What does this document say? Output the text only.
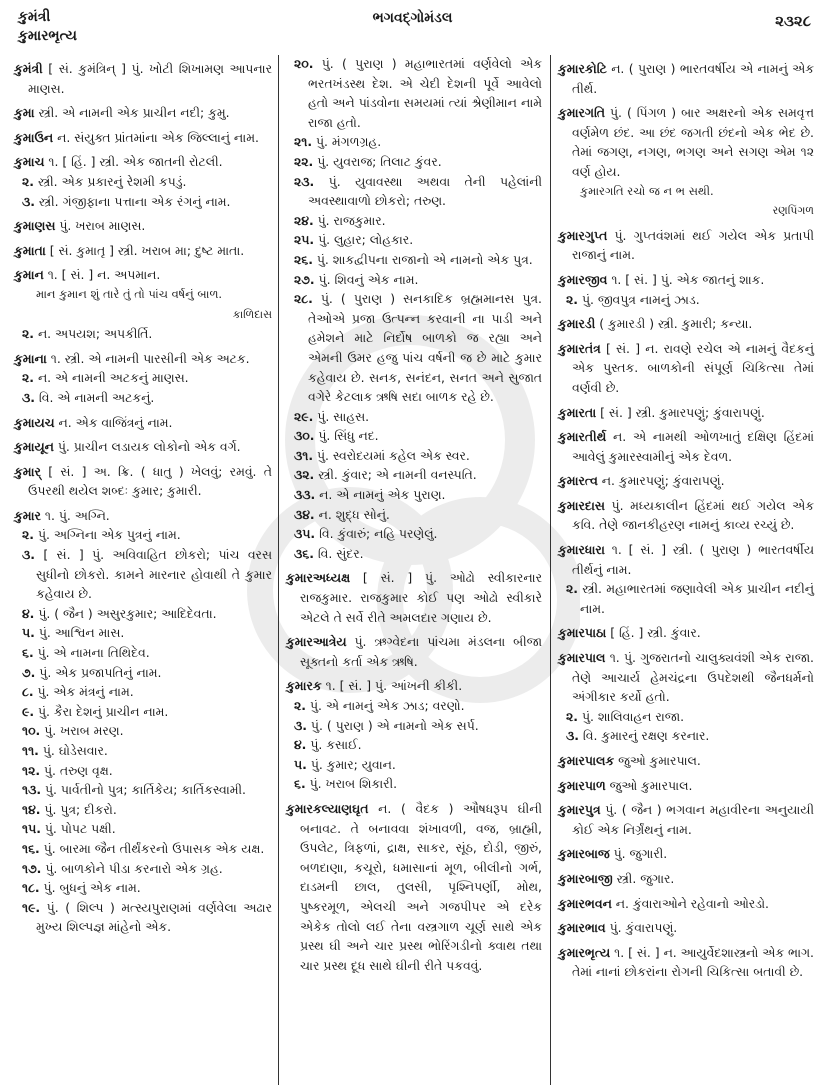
કુમંત્રી
કુમારભૃત્ય
ભગવદ્ગોમંડલ	૨૩૨૮
કુમંત્રી [ સં. કુમંત્રિન્ ] પું. ખોટી શિખામણ આપનાર માણસ.
કુમા સ્ત્રી. એ નામની એક પ્રાચીન નદી; કુમુ.
કુમાઉન ન. સંયુક્ત પ્રાંતમાંના એક જિલ્લાનું નામ.
કુમાચ ૧. [ હિં. ] સ્ત્રી. એક જાતની રોટલી.
૨. સ્ત્રી. એક પ્રકારનું રેશમી કપડું.
૩. સ્ત્રી. ગંજીફાના પત્તાના એક રંગનું નામ.
કુમાણસ પું. ખરાબ માણસ.
કુમાતા [ સં. કુમાતૃ ] સ્ત્રી. ખરાબ મા; દુષ્ટ માતા.
કુમાન ૧. [ સં. ] ન. અપમાન.
માન કુમાન શું તારે તું તો પાંચ વર્ષનું બાળ.
કાળિદાસ
૨. ન. અપયશ; અપકીર્તિ.
કુમાના ૧. સ્ત્રી. એ નામની પારસીની એક અટક.
૨. ન. એ નામની અટકનું માણસ.
૩. વિ. એ નામની અટકનું.
કુમાયચ ન. એક વાજિંત્રનું નામ.
કુમાયૂન પું. પ્રાચીન લડાયક લોકોનો એક વર્ગ.
કુમાર્ [ સં. ] અ. ક્રિ. ( ધાતુ ) ખેલવું; રમવું. તે ઉપરથી થયેલ શબ્દઃ કુમાર; કુમારી.
કુમાર ૧. પું. અગ્નિ.
૨. પું. અગ્નિના એક પુત્રનું નામ.
૩. [ સં. ] પું. અવિવાહિત છોકરો; પાંચ વરસ સુધીનો છોકરો. કામને મારનાર હોવાથી તે કુમાર કહેવાય છે.
૪. પું. ( જૈન ) અસુરકુમાર; આદિદેવતા.
૫. પું. આશ્વિન માસ.
૬. પું. એ નામના તિથિદેવ.
૭. પું. એક પ્રજાપતિનું નામ.
૮. પું. એક મંત્રનું નામ.
૯. પું. કૈરા દેશનું પ્રાચીન નામ.
૧૦. પું. ખરાબ મરણ.
૧૧. પું. ઘોડેસવાર.
૧૨. પું. તરુણ વૃક્ષ.
૧૩. પું. પાર્વતીનો પુત્ર; કાર્તિકેય; કાર્તિકસ્વામી.
૧૪. પું. પુત્ર; દીકરો.
૧૫. પું. પોપટ પક્ષી.
૧૬. પું. બારમા જૈન તીર્થંકરનો ઉપાસક એક યક્ષ.
૧૭. પું. બાળકોને પીડા કરનારો એક ગ્રહ.
૧૮. પું. બુધનું એક નામ.
૧૯. પું. ( શિલ્પ ) મત્સ્યપુરાણમાં વર્ણવેલા અઢાર મુખ્ય શિલ્પજ્ઞ માંહેનો એક.
૨૦. પું. ( પુરાણ ) મહાભારતમાં વર્ણવેલો એક ભરતખંડસ્થ દેશ. એ ચેદી દેશની પૂર્વે આવેલો હતો અને પાંડવોના સમયમાં ત્યાં શ્રેણીમાન નામે રાજા હતો.
૨૧. પું. મંગળગ્રહ.
૨૨. પું. યુવરાજ; તિલાટ કુંવર.
૨૩. પું. યુવાવસ્થા અથવા તેની પહેલાંની અવસ્થાવાળો છોકરો; તરુણ.
૨૪. પું. રાજકુમાર.
૨૫. પું. લુહાર; લોહકાર.
૨૬. પું. શાકદ્વીપના રાજાનો એ નામનો એક પુત્ર.
૨૭. પું. શિવનું એક નામ.
૨૮. પું. ( પુરાણ ) સનકાદિક બ્રહ્મમાનસ પુત્ર. તેઓએ પ્રજા ઉત્પન્ન કરવાની ના પાડી અને હમેશને માટે નિર્દોષ બાળકો જ રહ્યા અને એમની ઉમર હજુ પાંચ વર્ષની જ છે માટે કુમાર કહેવાય છે. સનક, સનંદન, સનત અને સુજાત વગેરે કેટલાક ઋષિ સદા બાળક રહે છે.
૨૯. પું. સાહસ.
૩૦. પું. સિંધુ નદ.
૩૧. પું. સ્વરોદયમાં કહેલ એક સ્વર.
૩૨. સ્ત્રી. કુંવાર; એ નામની વનસ્પતિ.
૩૩. ન. એ નામનું એક પુરાણ.
૩૪. ન. શુદ્ધ સોનું.
૩૫. વિ. કુંવારું; નહિ પરણેલું.
૩૬. વિ. સુંદર.
કુમારઅધ્યક્ષ [ સં. ] પું. ઓઢો સ્વીકારનાર રાજકુમાર. રાજકુમાર કોઈ પણ ઓઢો સ્વીકારે એટલે તે સર્વે રીતે અમલદાર ગણાય છે.
કુમારઆત્રેય પું. ઋગ્વેદના પાંચમા મંડલના બીજા સૂક્તનો કર્તા એક ઋષિ.
કુમારક ૧. [ સં. ] પું. આંખની કીકી.
૨. પું. એ નામનું એક ઝાડ; વરણો.
૩. પું. ( પુરાણ ) એ નામનો એક સર્પ.
૪. પું. કસાઈ.
૫. પું. કુમાર; યુવાન.
૬. પું. ખરાબ શિકારી.
કુમારકલ્યાણઘૃત ન. ( વૈદક ) ઔષધરૂપ ઘીની બનાવટ. તે બનાવવા શંખાવળી, વજ, બ્રાહ્મી, ઉપલેટ, ત્રિફળાં, દ્રાક્ષ, સાકર, સૂંઠ, દોડી, જીરું, બળદાણા, કચૂરો, ધમાસાનાં મૂળ, બીલીનો ગર્ભ, દાડમની છાલ, તુલસી, પૃશ્નિપર્ણી, મોથ, પુષ્કરમૂળ, એલચી અને ગજપીપર એ દરેક એકેક તોલો લઈ તેના વસ્ત્રગાળ ચૂર્ણ સાથે એક પ્રસ્થ ઘી અને ચાર પ્રસ્થ ભોરિંગડીનો ક્વાથ તથા ચાર પ્રસ્થ દૂધ સાથે ઘીની રીતે પકવવું.
કુમારકોટિ ન. ( પુરાણ ) ભારતવર્ષીય એ નામનું એક તીર્થ.
કુમારગતિ પું. ( પિંગળ ) બાર અક્ષરનો એક સમવૃત્ત વર્ણમેળ છંદ. આ છંદ જગતી છંદનો એક ભેદ છે. તેમાં જગણ, નગણ, ભગણ અને સગણ એમ ૧૨ વર્ણ હોય.
કુમારગતિ રચો જ ન ભ સથી.
રણપિંગળ
કુમારગુપ્ત પું. ગુપ્તવંશમાં થઈ ગયેલ એક પ્રતાપી રાજાનું નામ.
કુમારજીવ ૧. [ સં. ] પું. એક જાતનું શાક.
૨. પું. જીવપુત્ર નામનું ઝાડ.
કુમારડી ( કુમારડી ) સ્ત્રી. કુમારી; કન્યા.
કુમારતંત્ર [ સં. ] ન. રાવણે રચેલ એ નામનું વૈદકનું એક પુસ્તક. બાળકોની સંપૂર્ણ ચિકિત્સા તેમાં વર્ણવી છે.
કુમારતા [ સં. ] સ્ત્રી. કુમારપણું; કુંવારાપણું.
કુમારતીર્થ ન. એ નામથી ઓળખાતું દક્ષિણ હિંદમાં આવેલું કુમારસ્વામીનું એક દેવળ.
કુમારત્વ ન. કુમારપણું; કુંવારાપણું.
કુમારદાસ પું. મધ્યકાલીન હિંદમાં થઈ ગયેલ એક કવિ. તેણે જાનકીહરણ નામનું કાવ્ય રચ્યું છે.
કુમારધારા ૧. [ સં. ] સ્ત્રી. ( પુરાણ ) ભારતવર્ષીય તીર્થનું નામ.
૨. સ્ત્રી. મહાભારતમાં જણાવેલી એક પ્રાચીન નદીનું નામ.
કુમારપાઠા [ હિં. ] સ્ત્રી. કુંવાર.
કુમારપાલ ૧. પું. ગુજરાતનો ચાલુક્યવંશી એક રાજા. તેણે આચાર્ય હેમચંદ્રના ઉપદેશથી જૈનધર્મનો અંગીકાર કર્યો હતો.
૨. પું. શાલિવાહન રાજા.
૩. વિ. કુમારનું રક્ષણ કરનાર.
કુમારપાલક જુઓ કુમારપાલ.
કુમારપાળ જુઓ કુમારપાલ.
કુમારપુત્ર પું. ( જૈન ) ભગવાન મહાવીરના અનુયાયી કોઈ એક નિર્ગ્રંથનું નામ.
કુમારબાજ પું. જુગારી.
કુમારબાજી સ્ત્રી. જુગાર.
કુમારભવન ન. કુંવારાઓને રહેવાનો ઓરડો.
કુમારભાવ પું. કુંવારાપણું.
કુમારભૃત્ય ૧. [ સં. ] ન. આયુર્વેદશાસ્ત્રનો એક ભાગ. તેમાં નાનાં છોકરાંના રોગની ચિકિત્સા બતાવી છે.
